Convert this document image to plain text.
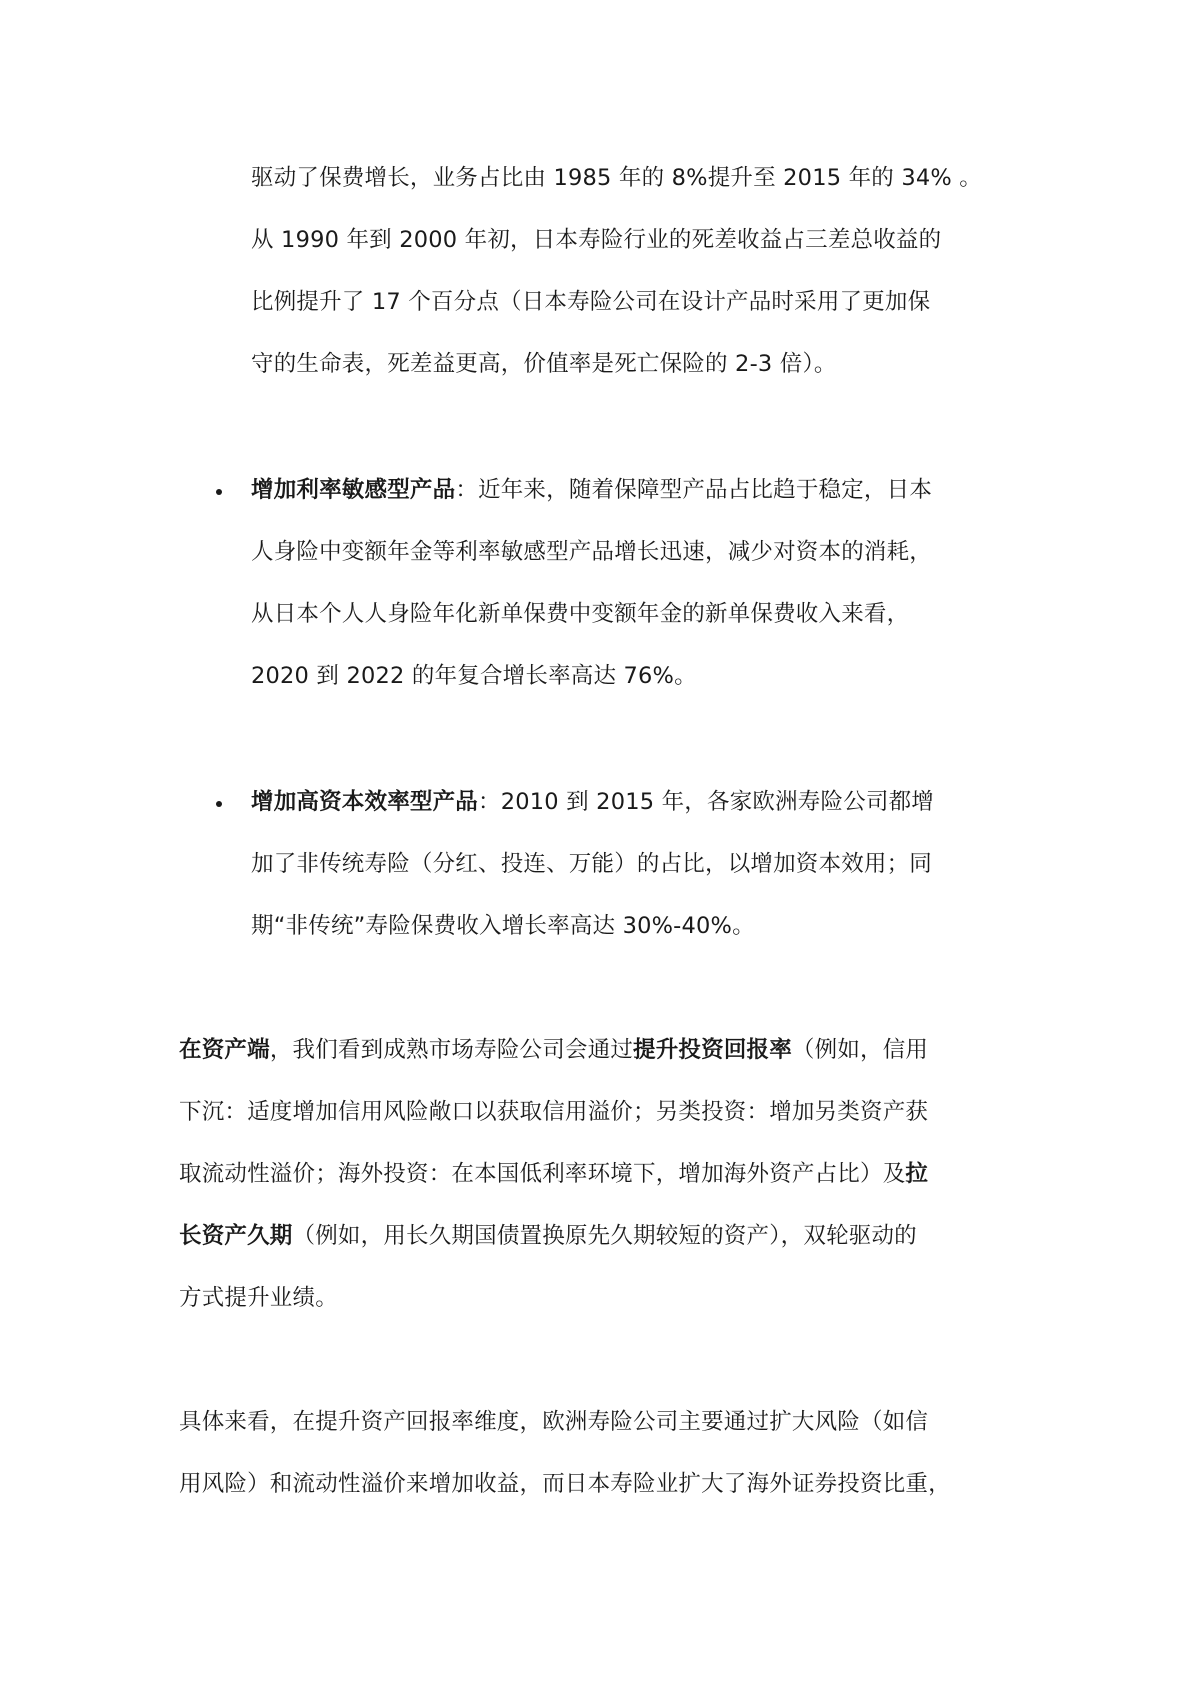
驱动了保费增长，业务占比由 1985 年的 8%提升至 2015 年的 34% 。
从 1990 年到 2000 年初，日本寿险行业的死差收益占三差总收益的
比例提升了 17 个百分点（日本寿险公司在设计产品时采用了更加保
守的生命表，死差益更高，价值率是死亡保险的 2-3 倍）。
增加利率敏感型产品：近年来，随着保障型产品占比趋于稳定，日本
人身险中变额年金等利率敏感型产品增长迅速，减少对资本的消耗，
从日本个人人身险年化新单保费中变额年金的新单保费收入来看，
2020 到 2022 的年复合增长率高达 76%。
增加高资本效率型产品：2010 到 2015 年，各家欧洲寿险公司都增
加了非传统寿险（分红、投连、万能）的占比，以增加资本效用；同
期“非传统”寿险保费收入增长率高达 30%-40%。
在资产端，我们看到成熟市场寿险公司会通过提升投资回报率（例如，信用
下沉：适度增加信用风险敞口以获取信用溢价；另类投资：增加另类资产获
取流动性溢价；海外投资：在本国低利率环境下，增加海外资产占比）及拉
长资产久期（例如，用长久期国债置换原先久期较短的资产），双轮驱动的
方式提升业绩。
具体来看，在提升资产回报率维度，欧洲寿险公司主要通过扩大风险（如信
用风险）和流动性溢价来增加收益，而日本寿险业扩大了海外证券投资比重，
